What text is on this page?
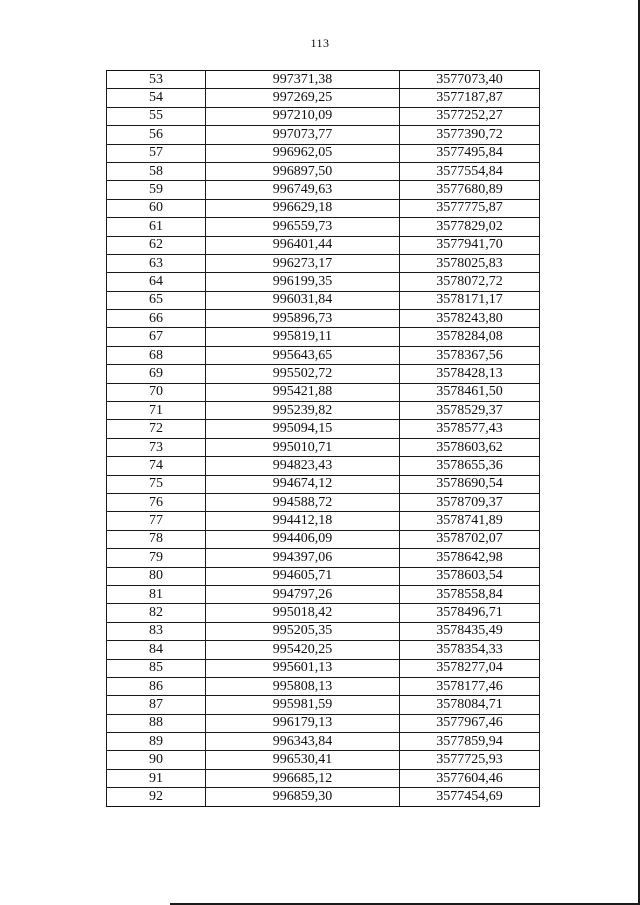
113
53	997371,38	3577073,40
54	997269,25	3577187,87
55	997210,09	3577252,27
56	997073,77	3577390,72
57	996962,05	3577495,84
58	996897,50	3577554,84
59	996749,63	3577680,89
60	996629,18	3577775,87
61	996559,73	3577829,02
62	996401,44	3577941,70
63	996273,17	3578025,83
64	996199,35	3578072,72
65	996031,84	3578171,17
66	995896,73	3578243,80
67	995819,11	3578284,08
68	995643,65	3578367,56
69	995502,72	3578428,13
70	995421,88	3578461,50
71	995239,82	3578529,37
72	995094,15	3578577,43
73	995010,71	3578603,62
74	994823,43	3578655,36
75	994674,12	3578690,54
76	994588,72	3578709,37
77	994412,18	3578741,89
78	994406,09	3578702,07
79	994397,06	3578642,98
80	994605,71	3578603,54
81	994797,26	3578558,84
82	995018,42	3578496,71
83	995205,35	3578435,49
84	995420,25	3578354,33
85	995601,13	3578277,04
86	995808,13	3578177,46
87	995981,59	3578084,71
88	996179,13	3577967,46
89	996343,84	3577859,94
90	996530,41	3577725,93
91	996685,12	3577604,46
92	996859,30	3577454,69
